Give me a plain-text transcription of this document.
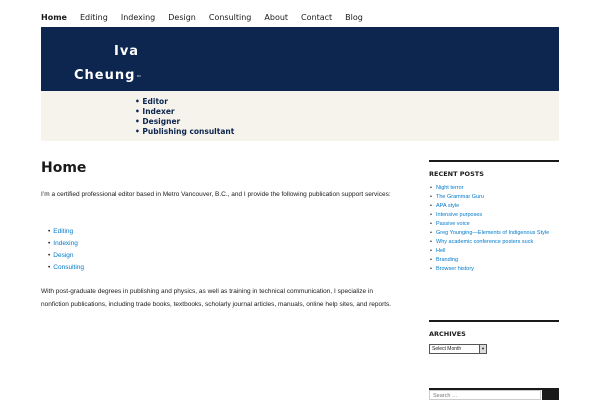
Home Editing Indexing Design Consulting About Contact Blog
Iva
Cheung™
• Editor
• Indexer
• Designer
• Publishing consultant
Home

I’m a certified professional editor based in Metro Vancouver, B.C., and I provide the following publication support services:

• Editing
• Indexing
• Design
• Consulting

With post-graduate degrees in publishing and physics, as well as training in technical communication, I specialize in nonfiction publications, including trade books, textbooks, scholarly journal articles, manuals, online help sites, and reports.

RECENT POSTS
• Night terror
• The Grammar Guru
• APA style
• Intensive purposes
• Passive voice
• Greg Younging—Elements of Indigenous Style
• Why academic conference posters suck
• Hell
• Branding
• Browser history
ARCHIVES
Select Month	▼
Search …
